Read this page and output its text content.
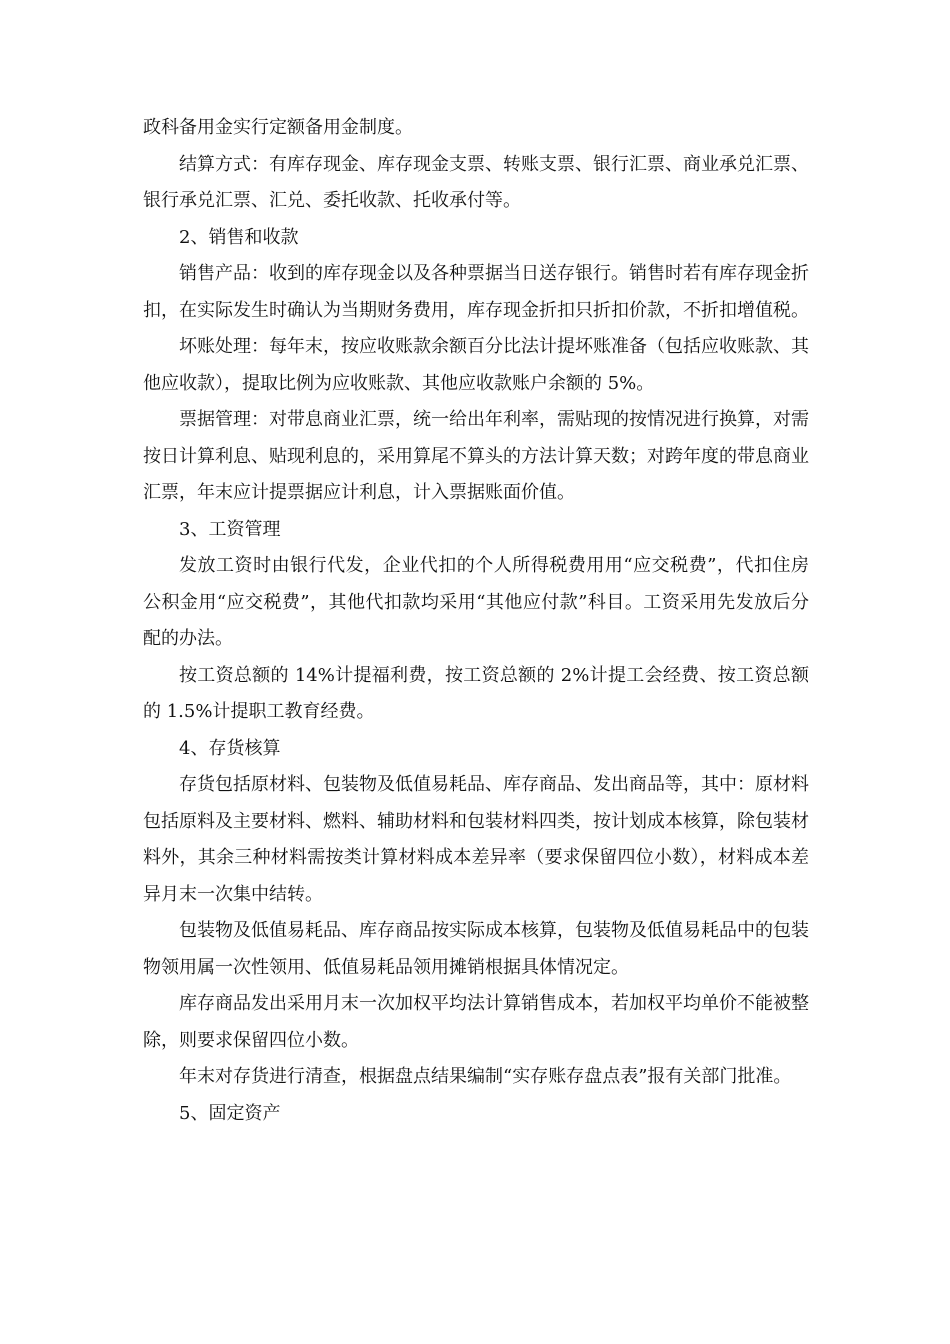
政科备用金实行定额备用金制度。

结算方式：有库存现金、库存现金支票、转账支票、银行汇票、商业承兑汇票、银行承兑汇票、汇兑、委托收款、托收承付等。

2、销售和收款

销售产品：收到的库存现金以及各种票据当日送存银行。销售时若有库存现金折扣，在实际发生时确认为当期财务费用，库存现金折扣只折扣价款，不折扣增值税。

坏账处理：每年末，按应收账款余额百分比法计提坏账准备（包括应收账款、其他应收款），提取比例为应收账款、其他应收款账户余额的 5%。

票据管理：对带息商业汇票，统一给出年利率，需贴现的按情况进行换算，对需按日计算利息、贴现利息的，采用算尾不算头的方法计算天数；对跨年度的带息商业汇票，年末应计提票据应计利息，计入票据账面价值。

3、工资管理

发放工资时由银行代发，企业代扣的个人所得税费用用“应交税费”，代扣住房公积金用“应交税费”，其他代扣款均采用“其他应付款”科目。工资采用先发放后分配的办法。

按工资总额的 14%计提福利费，按工资总额的 2%计提工会经费、按工资总额的 1.5%计提职工教育经费。

4、存货核算

存货包括原材料、包装物及低值易耗品、库存商品、发出商品等，其中：原材料包括原料及主要材料、燃料、辅助材料和包装材料四类，按计划成本核算，除包装材料外，其余三种材料需按类计算材料成本差异率（要求保留四位小数），材料成本差异月末一次集中结转。

包装物及低值易耗品、库存商品按实际成本核算，包装物及低值易耗品中的包装物领用属一次性领用、低值易耗品领用摊销根据具体情况定。

库存商品发出采用月末一次加权平均法计算销售成本，若加权平均单价不能被整除，则要求保留四位小数。

年末对存货进行清查，根据盘点结果编制“实存账存盘点表”报有关部门批准。

5、固定资产
